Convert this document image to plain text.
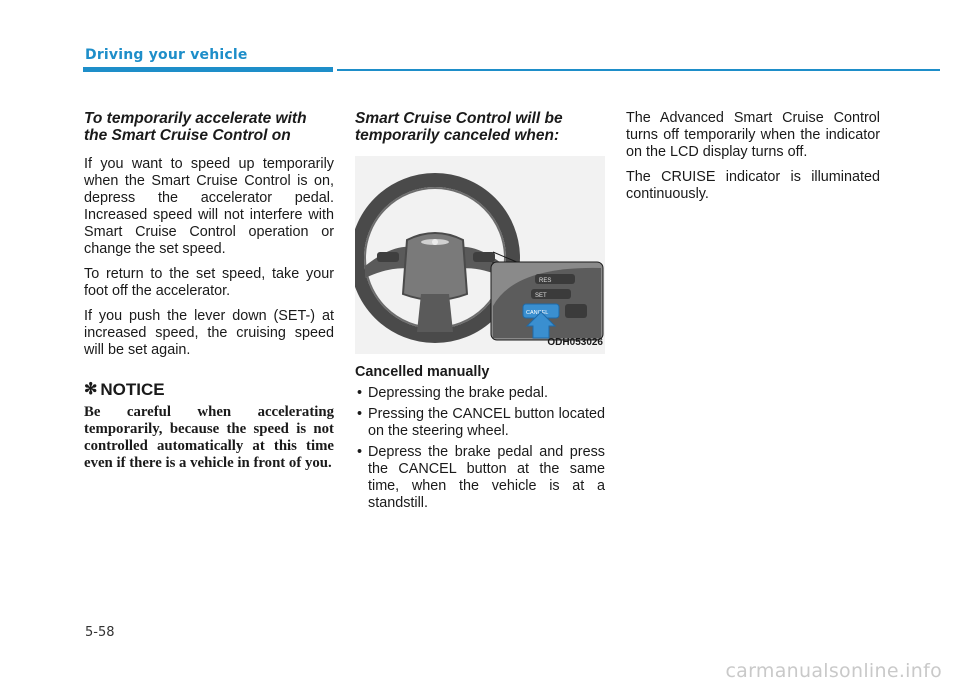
Driving your vehicle
To temporarily accelerate with the Smart Cruise Control on

If you want to speed up temporarily when the Smart Cruise Control is on, depress the accelerator pedal. Increased speed will not interfere with Smart Cruise Control operation or change the set speed.

To return to the set speed, take your foot off the accelerator.

If you push the lever down (SET-) at increased speed, the cruising speed will be set again.

✻ NOTICE

Be careful when accelerating temporarily, because the speed is not controlled automatically at this time even if there is a vehicle in front of you.

Smart Cruise Control will be temporarily canceled when:
RES
SET
CANCEL
ODH053026
Cancelled manually
• Depressing the brake pedal.
• Pressing the CANCEL button located on the steering wheel.
• Depress the brake pedal and press the CANCEL button at the same time, when the vehicle is at a standstill.

The Advanced Smart Cruise Control turns off temporarily when the indicator on the LCD display turns off.

The CRUISE indicator is illuminated continuously.

5-58

carmanualsonline.info
